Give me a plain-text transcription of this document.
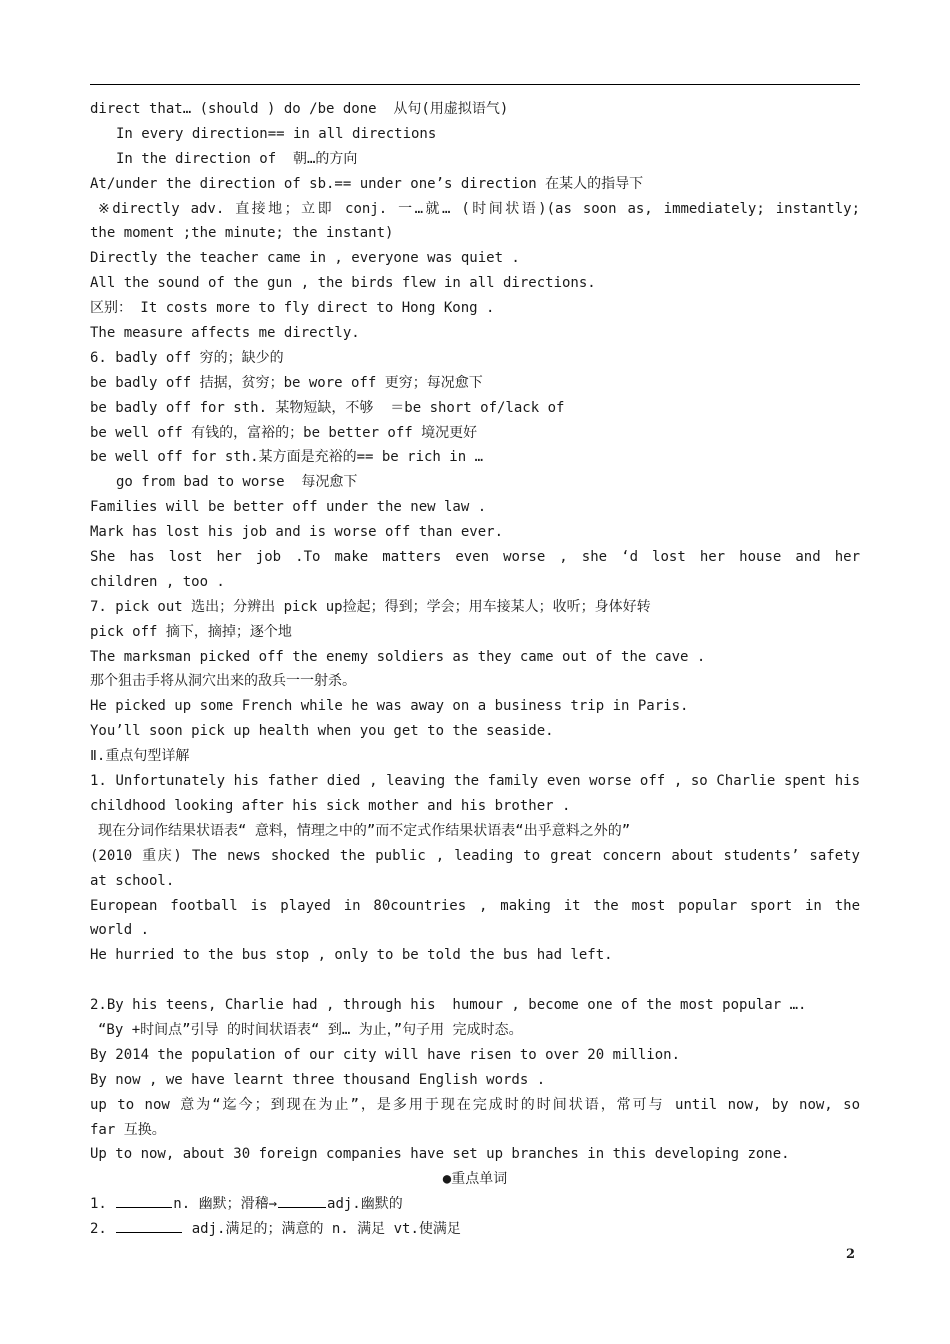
direct that… (should ) do /be done  从句(用虚拟语气)
In every direction== in all directions
In the direction of  朝…的方向
At/under the direction of sb.== under one’s direction 在某人的指导下
※directly adv. 直接地；立即 conj. 一…就… (时间状语)(as soon as, immediately; instantly;
the moment ;the minute; the instant)
Directly the teacher came in , everyone was quiet .
All the sound of the gun , the birds flew in all directions.
区别： It costs more to fly direct to Hong Kong .
The measure affects me directly.
6. badly off 穷的；缺少的
be badly off 拮据，贫穷；be wore off 更穷；每况愈下
be badly off for sth. 某物短缺，不够  ＝be short of/lack of
be well off 有钱的，富裕的；be better off 境况更好
be well off for sth.某方面是充裕的== be rich in …
go from bad to worse  每况愈下
Families will be better off under the new law .
Mark has lost his job and is worse off than ever.
She has lost her job .To make matters even worse , she ‘d lost her house and her
children , too .
7. pick out 选出；分辨出 pick up捡起；得到；学会；用车接某人；收听；身体好转
pick off 摘下，摘掉；逐个地
The marksman picked off the enemy soldiers as they came out of the cave .
那个狙击手将从洞穴出来的敌兵一一射杀。
He picked up some French while he was away on a business trip in Paris.
You’ll soon pick up health when you get to the seaside.
Ⅱ.重点句型详解
1. Unfortunately his father died , leaving the family even worse off , so Charlie spent his
childhood looking after his sick mother and his brother .
现在分词作结果状语表“ 意料，情理之中的”而不定式作结果状语表“出乎意料之外的”
(2010 重庆) The news shocked the public , leading to great concern about students’ safety
at school.
European football is played in 80countries , making it the most popular sport in the
world .
He hurried to the bus stop , only to be told the bus had left.
2.By his teens, Charlie had , through his  humour , become one of the most popular ….
“By +时间点”引导 的时间状语表“ 到… 为止，”句子用 完成时态。
By 2014 the population of our city will have risen to over 20 million.
By now , we have learnt three thousand English words .
up to now 意为“迄今；到现在为止”，是多用于现在完成时的时间状语，常可与 until now, by now, so
far 互换。
Up to now, about 30 foreign companies have set up branches in this developing zone.
●重点单词
1.	n. 幽默；滑稽→	adj.幽默的
2.	adj.满足的；满意的 n. 满足 vt.使满足
2
